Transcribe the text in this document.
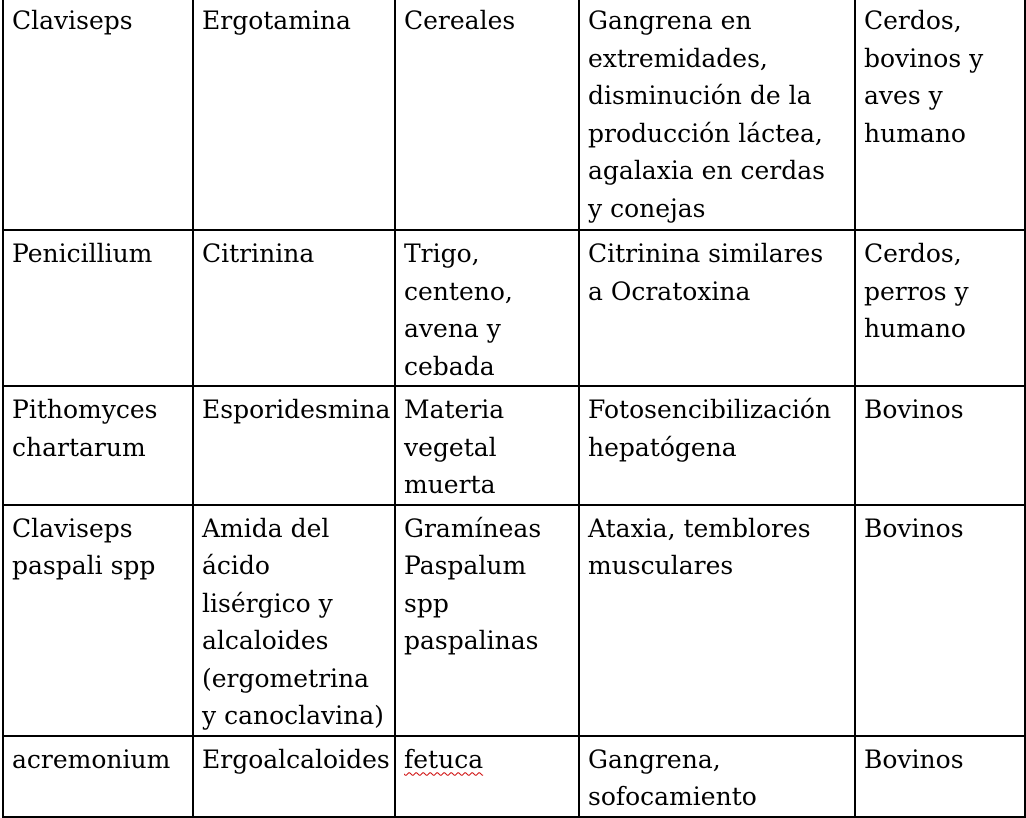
Claviseps	Ergotamina	Cereales	Gangrena en extremidades, disminución de la producción láctea, agalaxia en cerdas y conejas	Cerdos, bovinos y aves y humano

Penicillium	Citrinina	Trigo, centeno, avena y cebada	Citrinina similares a Ocratoxina	Cerdos, perros y humano

Pithomyces chartarum	Esporidesmina	Materia vegetal muerta	Fotosencibilización hepatógena	Bovinos

Claviseps paspali spp	Amida del ácido lisérgico y alcaloides (ergometrina y canoclavina)	Gramíneas Paspalum spp paspalinas	Ataxia, temblores musculares	Bovinos

acremonium	Ergoalcaloides	fetuca	Gangrena, sofocamiento	Bovinos
